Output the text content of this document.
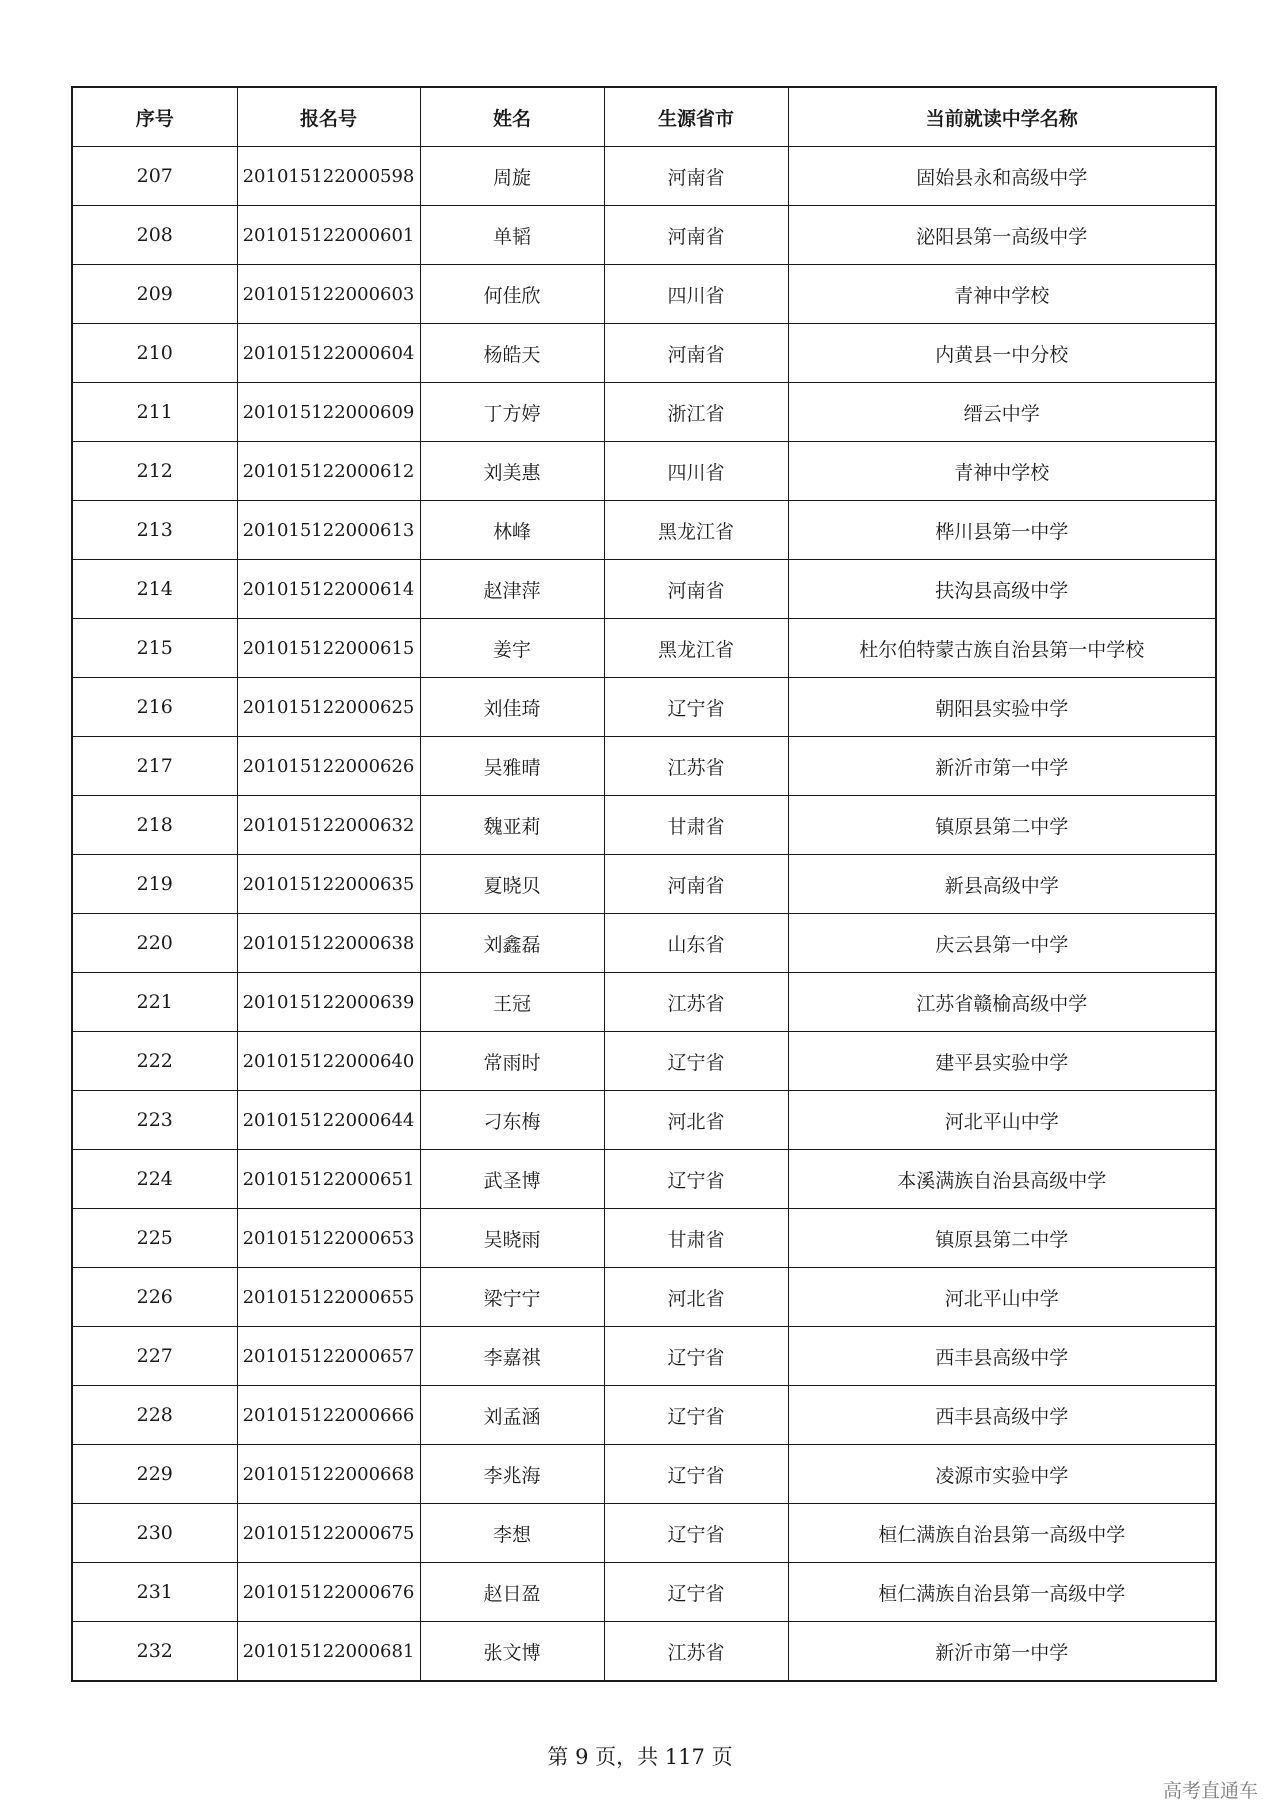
序号	报名号	姓名	生源省市	当前就读中学名称
207	201015122000598	周旋	河南省	固始县永和高级中学
208	201015122000601	单韬	河南省	泌阳县第一高级中学
209	201015122000603	何佳欣	四川省	青神中学校
210	201015122000604	杨皓天	河南省	内黄县一中分校
211	201015122000609	丁方婷	浙江省	缙云中学
212	201015122000612	刘美惠	四川省	青神中学校
213	201015122000613	林峰	黑龙江省	桦川县第一中学
214	201015122000614	赵津萍	河南省	扶沟县高级中学
215	201015122000615	姜宇	黑龙江省	杜尔伯特蒙古族自治县第一中学校
216	201015122000625	刘佳琦	辽宁省	朝阳县实验中学
217	201015122000626	吴雅晴	江苏省	新沂市第一中学
218	201015122000632	魏亚莉	甘肃省	镇原县第二中学
219	201015122000635	夏晓贝	河南省	新县高级中学
220	201015122000638	刘鑫磊	山东省	庆云县第一中学
221	201015122000639	王冠	江苏省	江苏省赣榆高级中学
222	201015122000640	常雨时	辽宁省	建平县实验中学
223	201015122000644	刁东梅	河北省	河北平山中学
224	201015122000651	武圣博	辽宁省	本溪满族自治县高级中学
225	201015122000653	吴晓雨	甘肃省	镇原县第二中学
226	201015122000655	梁宁宁	河北省	河北平山中学
227	201015122000657	李嘉祺	辽宁省	西丰县高级中学
228	201015122000666	刘孟涵	辽宁省	西丰县高级中学
229	201015122000668	李兆海	辽宁省	凌源市实验中学
230	201015122000675	李想	辽宁省	桓仁满族自治县第一高级中学
231	201015122000676	赵日盈	辽宁省	桓仁满族自治县第一高级中学
232	201015122000681	张文博	江苏省	新沂市第一中学
第 9 页，共 117 页
高考直通车
